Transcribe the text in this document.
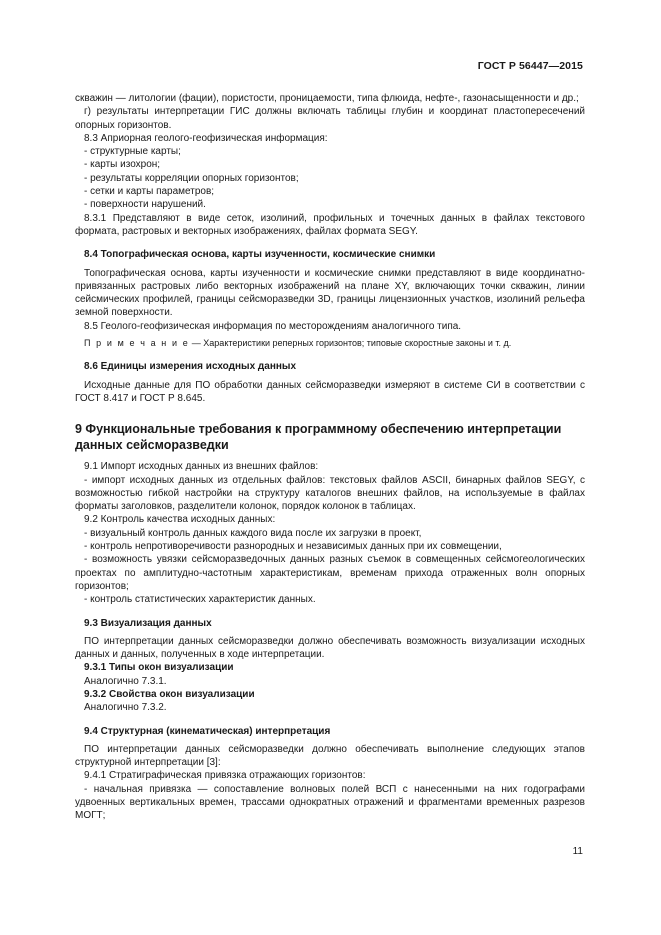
ГОСТ Р 56447—2015

скважин — литологии (фации), пористости, проницаемости, типа флюида, нефте-, газонасыщенности и др.;

г) результаты интерпретации ГИС должны включать таблицы глубин и координат пластопересечений опорных горизонтов.

8.3 Априорная геолого-геофизическая информация:

- структурные карты;

- карты изохрон;

- результаты корреляции опорных горизонтов;

- сетки и карты параметров;

- поверхности нарушений.

8.3.1 Представляют в виде сеток, изолиний, профильных и точечных данных в файлах текстового формата, растровых и векторных изображениях, файлах формата SEGY.

8.4 Топографическая основа, карты изученности, космические снимки

Топографическая основа, карты изученности и космические снимки представляют в виде координатно-привязанных растровых либо векторных изображений на плане XY, включающих точки скважин, линии сейсмических профилей, границы сейсморазведки 3D, границы лицензионных участков, изолиний рельефа земной поверхности.

8.5 Геолого-геофизическая информация по месторождениям аналогичного типа.

П р и м е ч а н и е — Характеристики реперных горизонтов; типовые скоростные законы и т. д.

8.6 Единицы измерения исходных данных

Исходные данные для ПО обработки данных сейсморазведки измеряют в системе СИ в соответствии с ГОСТ 8.417 и ГОСТ Р 8.645.

9 Функциональные требования к программному обеспечению интерпретации данных сейсморазведки

9.1 Импорт исходных данных из внешних файлов:

- импорт исходных данных из отдельных файлов: текстовых файлов ASCII, бинарных файлов SEGY, с возможностью гибкой настройки на структуру каталогов внешних файлов, на используемые в файлах форматы заголовков, разделители колонок, порядок колонок в таблицах.

9.2 Контроль качества исходных данных:

- визуальный контроль данных каждого вида после их загрузки в проект,

- контроль непротиворечивости разнородных и независимых данных при их совмещении,

- возможность увязки сейсморазведочных данных разных съемок в совмещенных сейсмогеологических проектах по амплитудно-частотным характеристикам, временам прихода отраженных волн опорных горизонтов;

- контроль статистических характеристик данных.

9.3 Визуализация данных

ПО интерпретации данных сейсморазведки должно обеспечивать возможность визуализации исходных данных и данных, полученных в ходе интерпретации.

9.3.1 Типы окон визуализации

Аналогично 7.3.1.

9.3.2 Свойства окон визуализации

Аналогично 7.3.2.

9.4 Структурная (кинематическая) интерпретация

ПО интерпретации данных сейсморазведки должно обеспечивать выполнение следующих этапов структурной интерпретации [3]:

9.4.1 Стратиграфическая привязка отражающих горизонтов:

- начальная привязка — сопоставление волновых полей ВСП с нанесенными на них годографами удвоенных вертикальных времен, трассами однократных отражений и фрагментами временных разрезов МОГТ;

11
